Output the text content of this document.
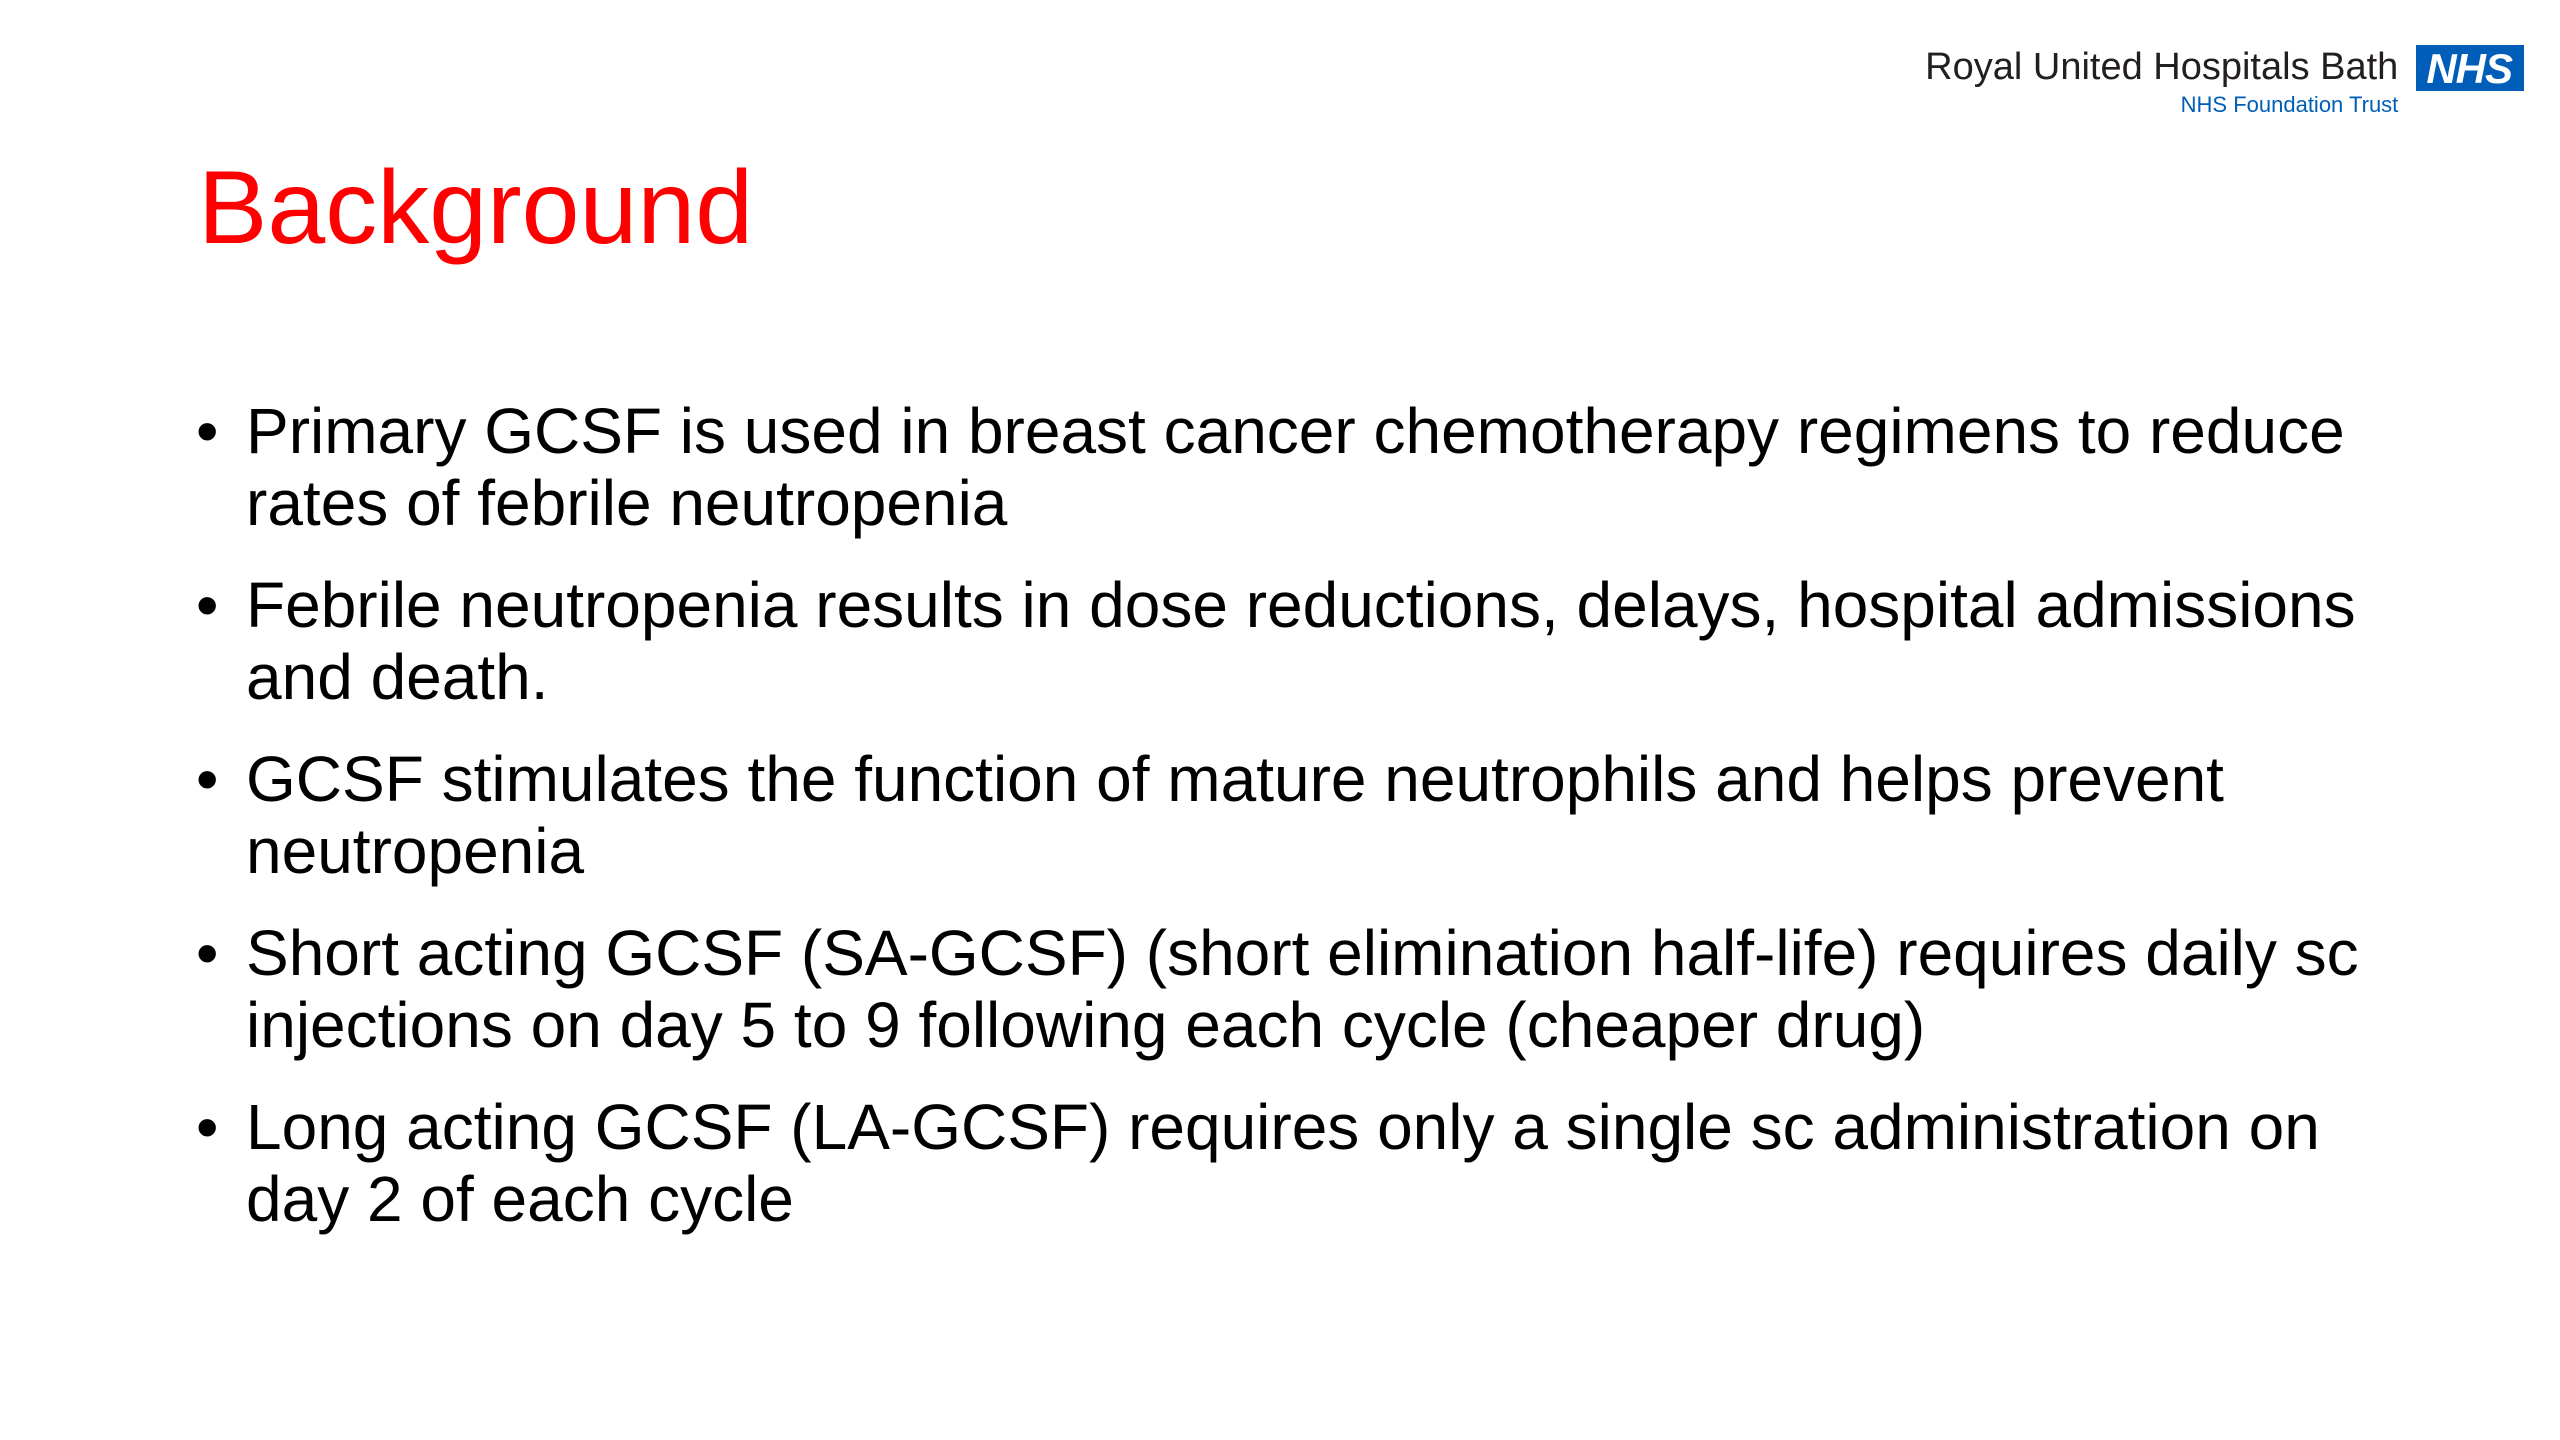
Royal United Hospitals Bath
NHS Foundation Trust
NHS
Background
• Primary GCSF is used in breast cancer chemotherapy regimens to reduce rates of febrile neutropenia
• Febrile neutropenia results in dose reductions, delays, hospital admissions and death.
• GCSF stimulates the function of mature neutrophils and helps prevent neutropenia
• Short acting GCSF (SA-GCSF) (short elimination half-life) requires daily sc injections on day 5 to 9 following each cycle (cheaper drug)
• Long acting GCSF (LA-GCSF) requires only a single sc administration on day 2 of each cycle
